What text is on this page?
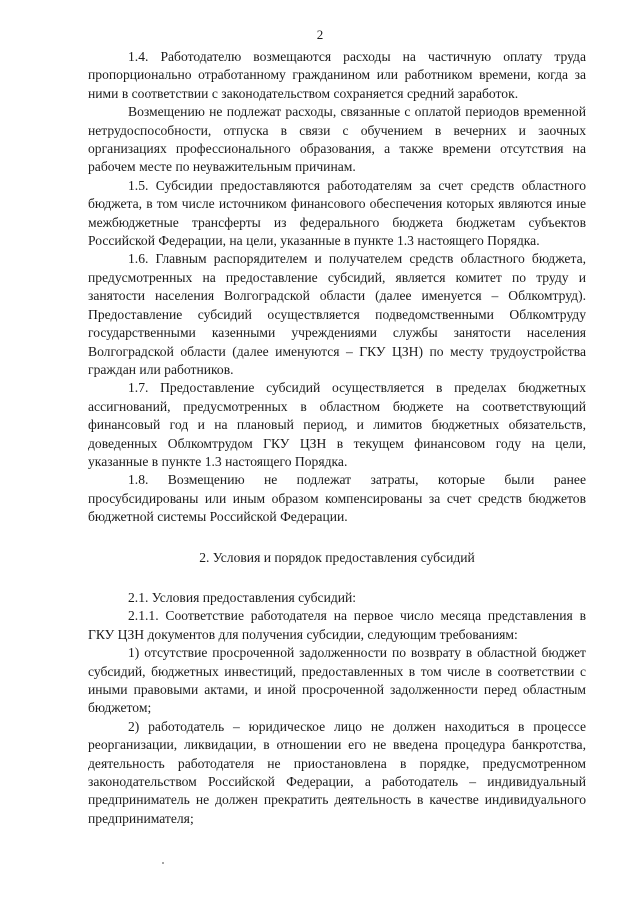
2

1.4. Работодателю возмещаются расходы на частичную оплату труда пропорционально отработанному гражданином или работником времени, когда за ними в соответствии с законодательством сохраняется средний заработок.

Возмещению не подлежат расходы, связанные с оплатой периодов временной нетрудоспособности, отпуска в связи с обучением в вечерних и заочных организациях профессионального образования, а также времени отсутствия на рабочем месте по неуважительным причинам.

1.5. Субсидии предоставляются работодателям за счет средств областного бюджета, в том числе источником финансового обеспечения которых являются иные межбюджетные трансферты из федерального бюджета бюджетам субъектов Российской Федерации, на цели, указанные в пункте 1.3 настоящего Порядка.

1.6. Главным распорядителем и получателем средств областного бюджета, предусмотренных на предоставление субсидий, является комитет по труду и занятости населения Волгоградской области (далее именуется – Облкомтруд). Предоставление субсидий осуществляется подведомственными Облкомтруду государственными казенными учреждениями службы занятости населения Волгоградской области (далее именуются – ГКУ ЦЗН) по месту трудоустройства граждан или работников.

1.7. Предоставление субсидий осуществляется в пределах бюджетных ассигнований, предусмотренных в областном бюджете на соответствующий финансовый год и на плановый период, и лимитов бюджетных обязательств, доведенных Облкомтрудом ГКУ ЦЗН в текущем финансовом году на цели, указанные в пункте 1.3 настоящего Порядка.

1.8. Возмещению не подлежат затраты, которые были ранее просубсидированы или иным образом компенсированы за счет средств бюджетов бюджетной системы Российской Федерации.

2. Условия и порядок предоставления субсидий

2.1. Условия предоставления субсидий:

2.1.1. Соответствие работодателя на первое число месяца представления в ГКУ ЦЗН документов для получения субсидии, следующим требованиям:

1) отсутствие просроченной задолженности по возврату в областной бюджет субсидий, бюджетных инвестиций, предоставленных в том числе в соответствии с иными правовыми актами, и иной просроченной задолженности перед областным бюджетом;

2) работодатель – юридическое лицо не должен находиться в процессе реорганизации, ликвидации, в отношении его не введена процедура банкротства, деятельность работодателя не приостановлена в порядке, предусмотренном законодательством Российской Федерации, а работодатель – индивидуальный предприниматель не должен прекратить деятельность в качестве индивидуального предпринимателя;
